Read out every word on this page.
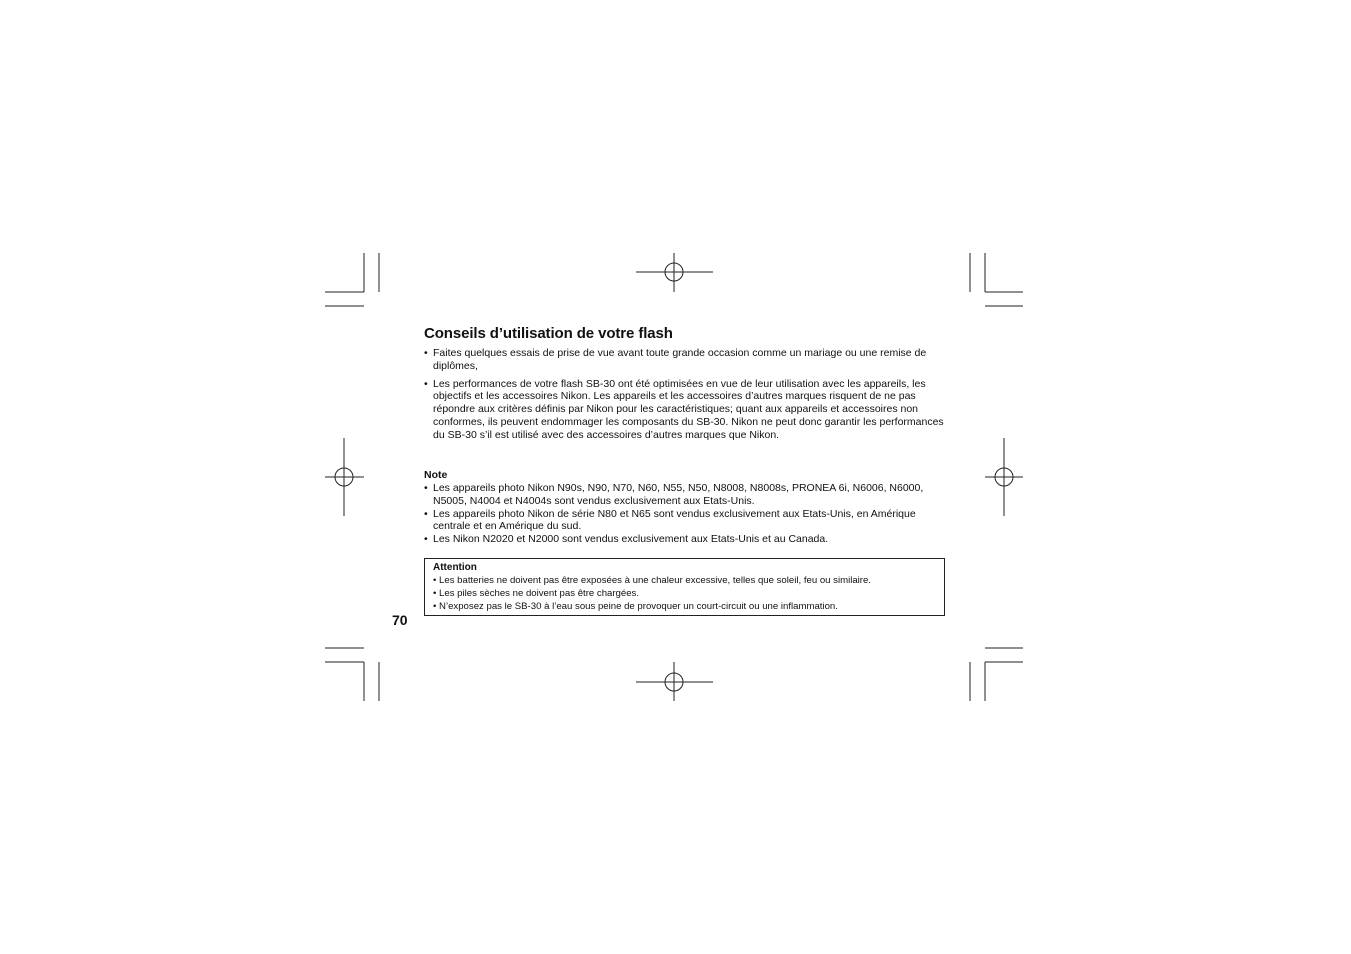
Conseils d’utilisation de votre flash
• Faites quelques essais de prise de vue avant toute grande occasion comme un mariage ou une remise de diplômes,
• Les performances de votre flash SB-30 ont été optimisées en vue de leur utilisation avec les appareils, les objectifs et les accessoires Nikon. Les appareils et les accessoires d’autres marques risquent de ne pas répondre aux critères définis par Nikon pour les caractéristiques; quant aux appareils et accessoires non conformes, ils peuvent endommager les composants du SB-30. Nikon ne peut donc garantir les performances du SB-30 s’il est utilisé avec des accessoires d’autres marques que Nikon.
Note
• Les appareils photo Nikon N90s, N90, N70, N60, N55, N50, N8008, N8008s, PRONEA 6i, N6006, N6000, N5005, N4004 et N4004s sont vendus exclusivement aux Etats-Unis.
• Les appareils photo Nikon de série N80 et N65 sont vendus exclusivement aux Etats-Unis, en Amérique centrale et en Amérique du sud.
• Les Nikon N2020 et N2000 sont vendus exclusivement aux Etats-Unis et au Canada.
Attention
• Les batteries ne doivent pas être exposées à une chaleur excessive, telles que soleil, feu ou similaire.
• Les piles sèches ne doivent pas être chargées.
• N’exposez pas le SB-30 à l’eau sous peine de provoquer un court-circuit ou une inflammation.
70
